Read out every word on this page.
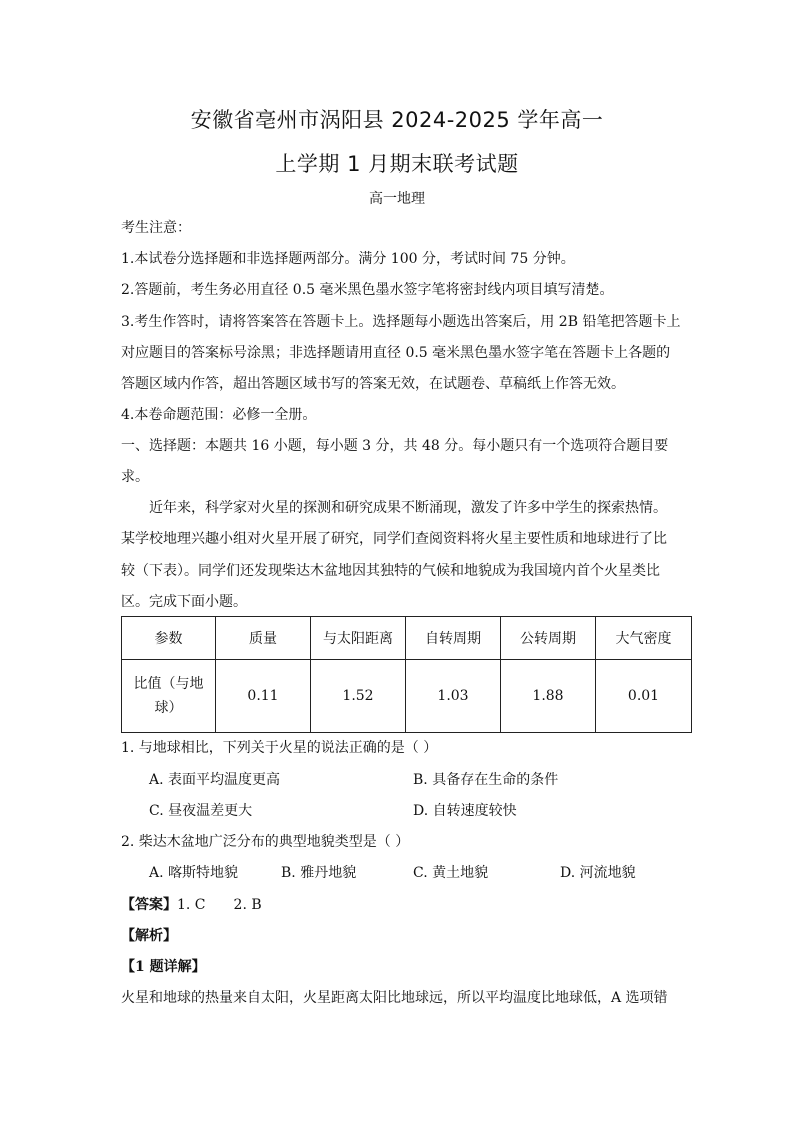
安徽省亳州市涡阳县 2024-2025 学年高一
上学期 1 月期末联考试题
高一地理
考生注意：
1.本试卷分选择题和非选择题两部分。满分 100 分，考试时间 75 分钟。
2.答题前，考生务必用直径 0.5 毫米黑色墨水签字笔将密封线内项目填写清楚。
3.考生作答时，请将答案答在答题卡上。选择题每小题选出答案后，用 2B 铅笔把答题卡上
对应题目的答案标号涂黑；非选择题请用直径 0.5 毫米黑色墨水签字笔在答题卡上各题的
答题区域内作答，超出答题区域书写的答案无效，在试题卷、草稿纸上作答无效。
4.本卷命题范围：必修一全册。
一、选择题：本题共 16 小题，每小题 3 分，共 48 分。每小题只有一个选项符合题目要
求。
近年来，科学家对火星的探测和研究成果不断涌现，激发了许多中学生的探索热情。
某学校地理兴趣小组对火星开展了研究，同学们查阅资料将火星主要性质和地球进行了比
较（下表）。同学们还发现柴达木盆地因其独特的气候和地貌成为我国境内首个火星类比
区。完成下面小题。
参数	质量	与太阳距离	自转周期	公转周期	大气密度
比值（与地
球）	0.11	1.52	1.03	1.88	0.01
1. 与地球相比，下列关于火星的说法正确的是（ ）
A. 表面平均温度更高	B. 具备存在生命的条件
C. 昼夜温差更大	D. 自转速度较快
2. 柴达木盆地广泛分布的典型地貌类型是（ ）
A. 喀斯特地貌	B. 雅丹地貌	C. 黄土地貌	D. 河流地貌
【答案】1. C 2. B
【解析】
【1 题详解】
火星和地球的热量来自太阳，火星距离太阳比地球远，所以平均温度比地球低，A 选项错
